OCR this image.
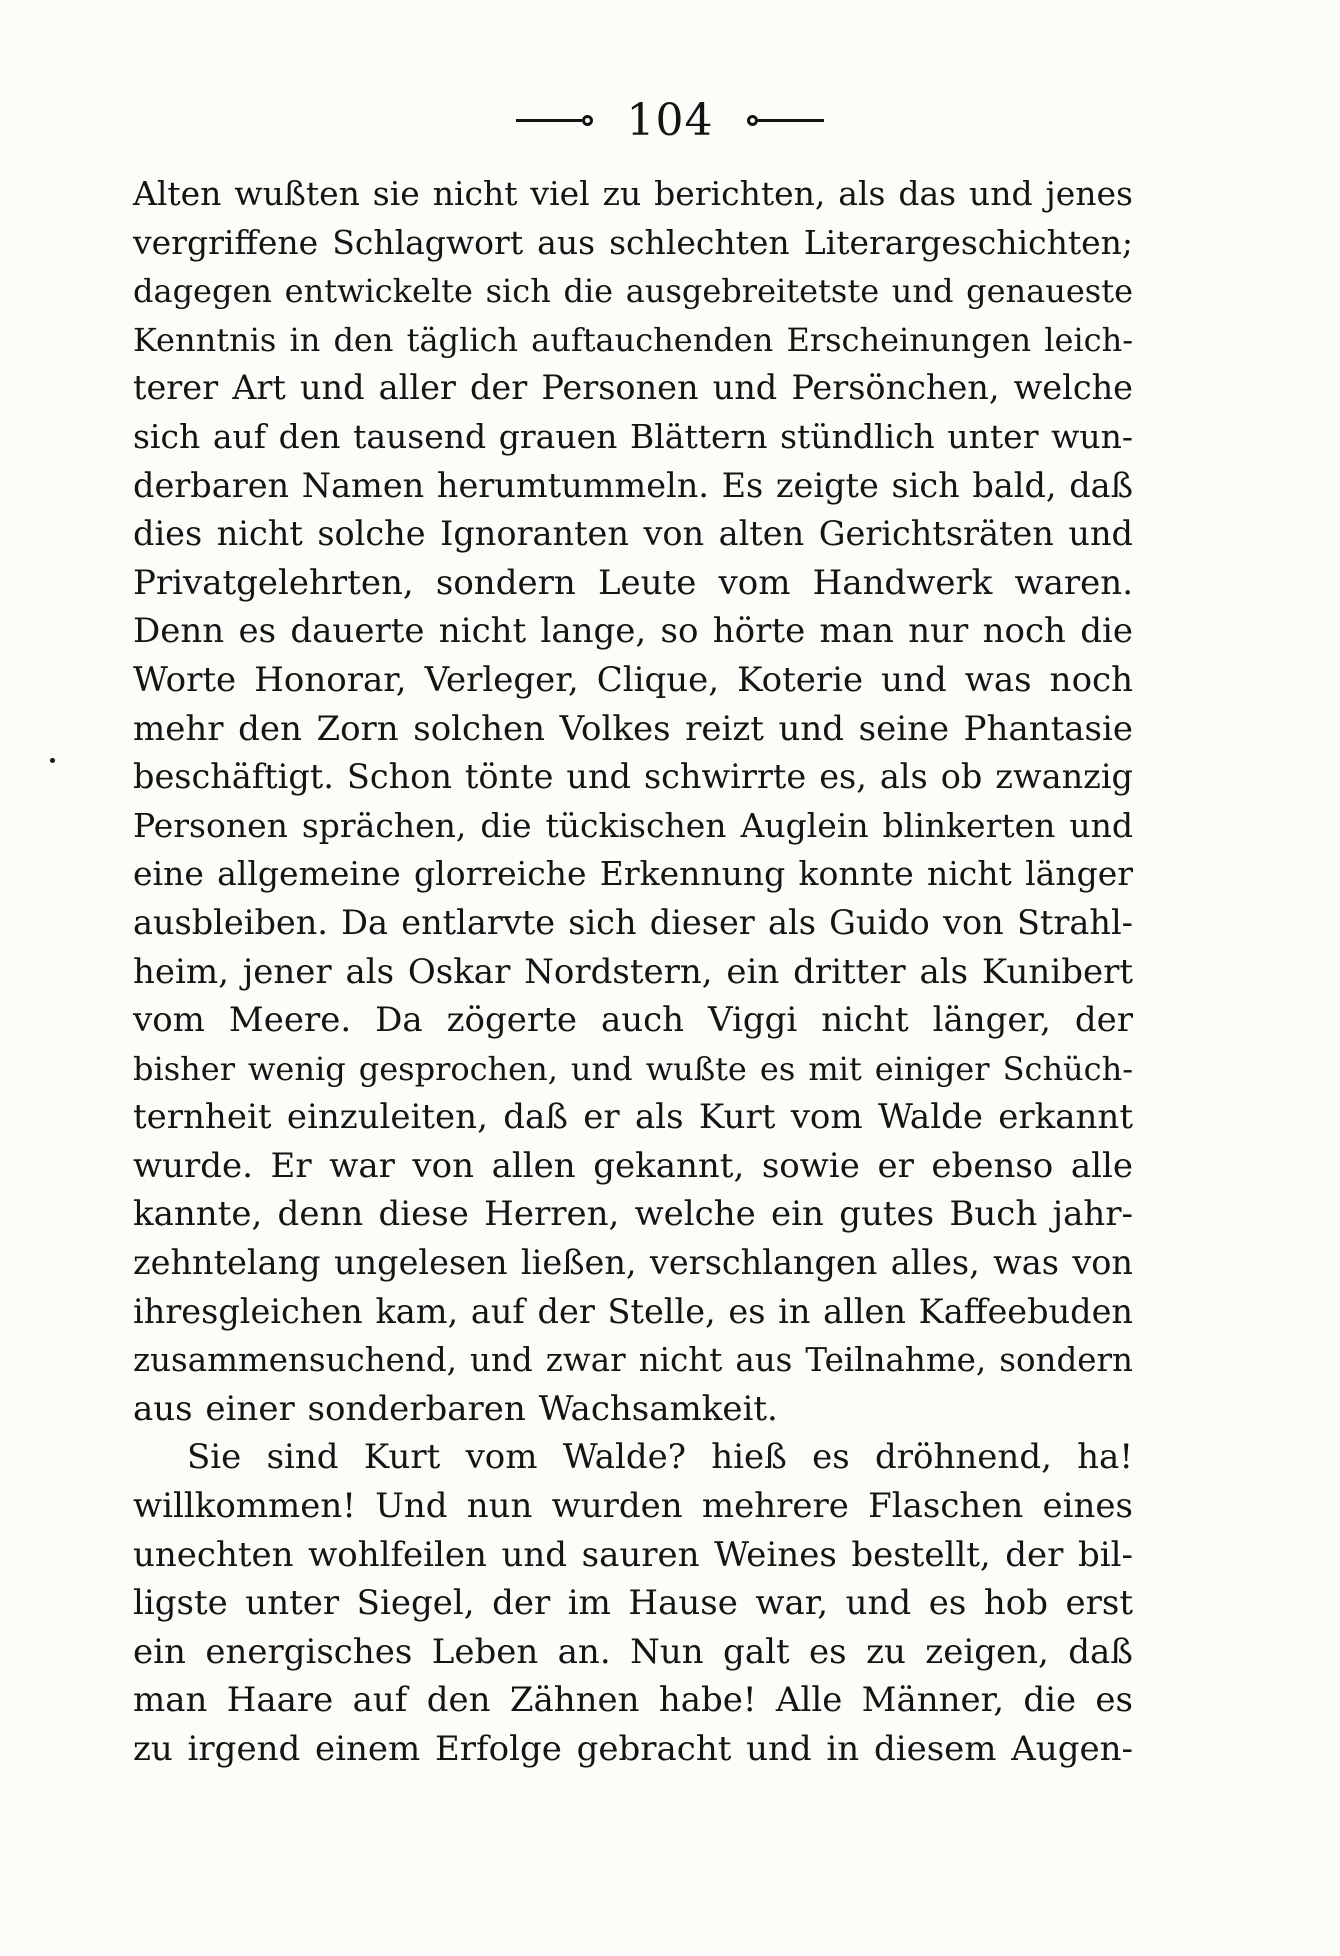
104
Alten wußten sie nicht viel zu berichten, als das und jenes
vergriffene Schlagwort aus schlechten Literargeschichten;
dagegen entwickelte sich die ausgebreitetste und genaueste
Kenntnis in den täglich auftauchenden Erscheinungen leich-
terer Art und aller der Personen und Persönchen, welche
sich auf den tausend grauen Blättern stündlich unter wun-
derbaren Namen herumtummeln. Es zeigte sich bald, daß
dies nicht solche Ignoranten von alten Gerichtsräten und
Privatgelehrten, sondern Leute vom Handwerk waren.
Denn es dauerte nicht lange, so hörte man nur noch die
Worte Honorar, Verleger, Clique, Koterie und was noch
mehr den Zorn solchen Volkes reizt und seine Phantasie
beschäftigt. Schon tönte und schwirrte es, als ob zwanzig
Personen sprächen, die tückischen Auglein blinkerten und
eine allgemeine glorreiche Erkennung konnte nicht länger
ausbleiben. Da entlarvte sich dieser als Guido von Strahl-
heim, jener als Oskar Nordstern, ein dritter als Kunibert
vom Meere. Da zögerte auch Viggi nicht länger, der
bisher wenig gesprochen, und wußte es mit einiger Schüch-
ternheit einzuleiten, daß er als Kurt vom Walde erkannt
wurde. Er war von allen gekannt, sowie er ebenso alle
kannte, denn diese Herren, welche ein gutes Buch jahr-
zehntelang ungelesen ließen, verschlangen alles, was von
ihresgleichen kam, auf der Stelle, es in allen Kaffeebuden
zusammensuchend, und zwar nicht aus Teilnahme, sondern
aus einer sonderbaren Wachsamkeit.
Sie sind Kurt vom Walde? hieß es dröhnend, ha!
willkommen! Und nun wurden mehrere Flaschen eines
unechten wohlfeilen und sauren Weines bestellt, der bil-
ligste unter Siegel, der im Hause war, und es hob erst
ein energisches Leben an. Nun galt es zu zeigen, daß
man Haare auf den Zähnen habe! Alle Männer, die es
zu irgend einem Erfolge gebracht und in diesem Augen-
